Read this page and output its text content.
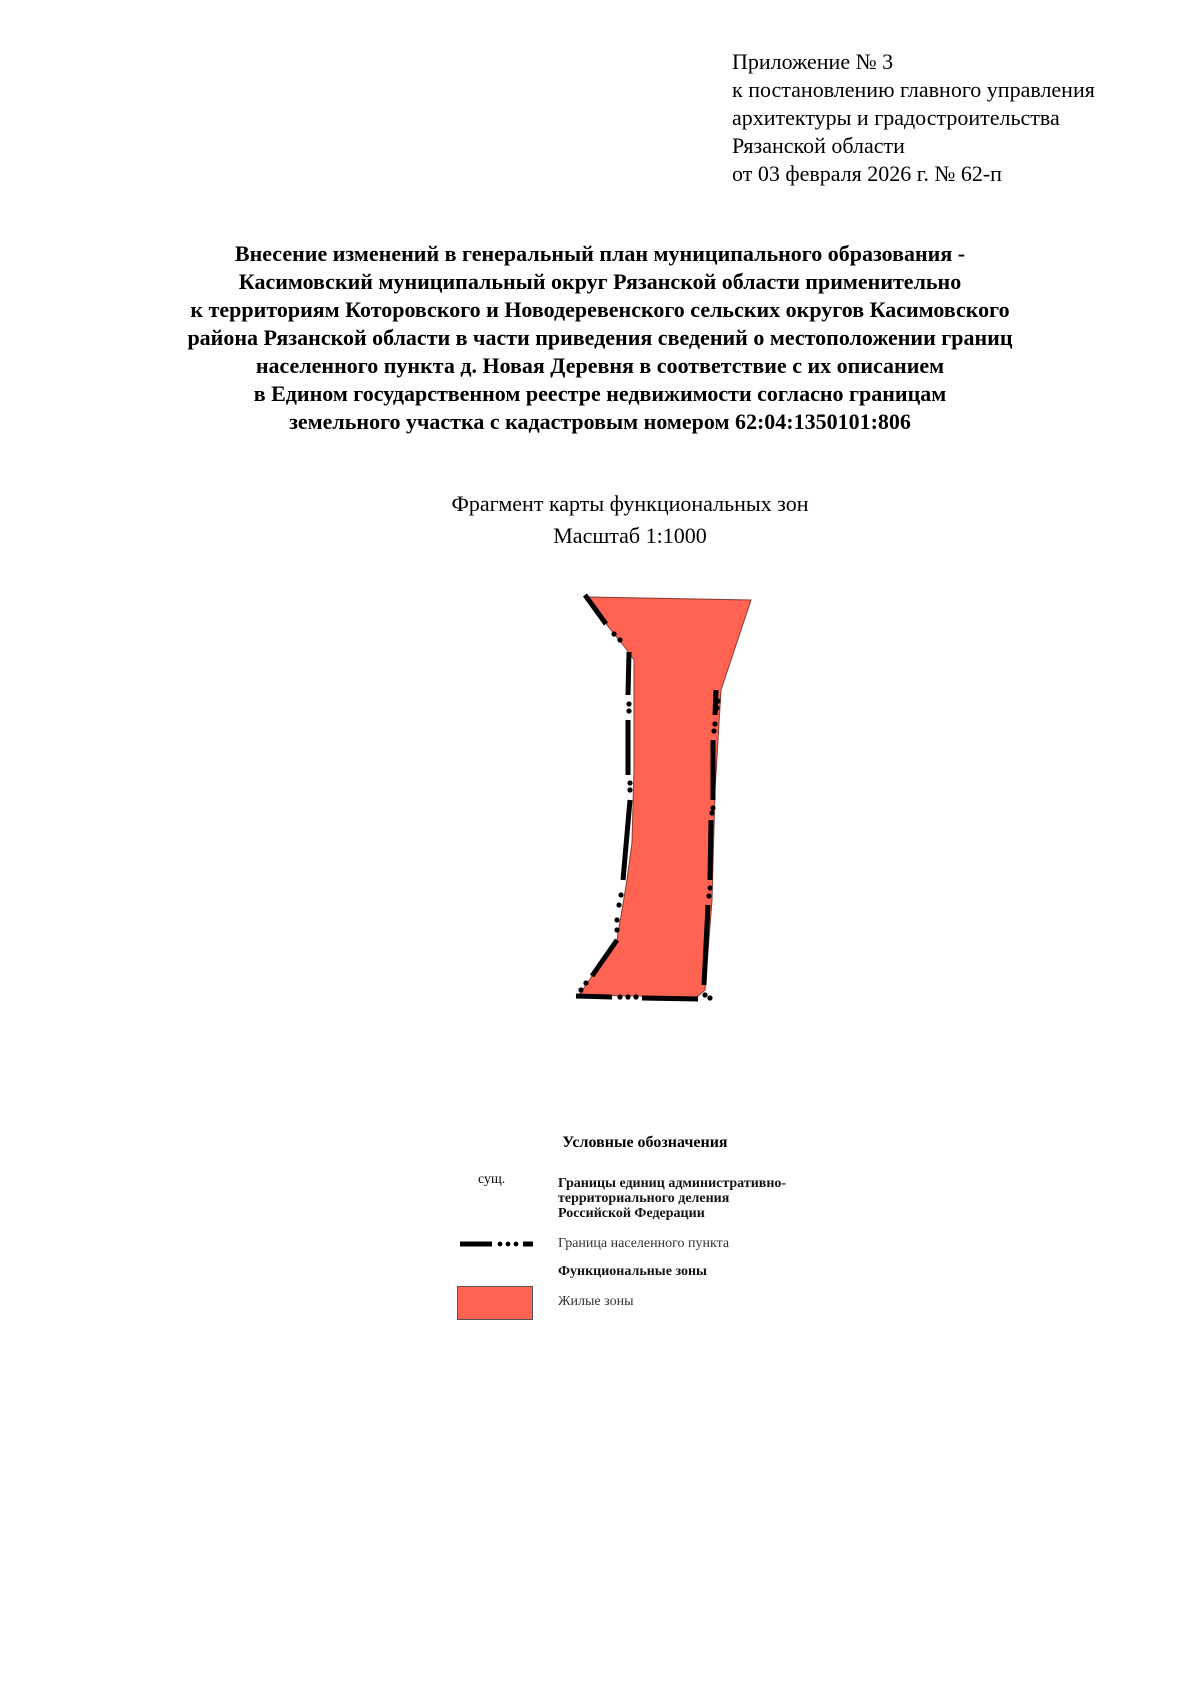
Приложение № 3
к постановлению главного управления
архитектуры и градостроительства
Рязанской области
от 03 февраля 2026 г. № 62-п
Внесение изменений в генеральный план муниципального образования -
Касимовский муниципальный округ Рязанской области применительно
к территориям Которовского и Новодеревенского сельских округов Касимовского
района Рязанской области в части приведения сведений о местоположении границ
населенного пункта д. Новая Деревня в соответствие с их описанием
в Едином государственном реестре недвижимости согласно границам
земельного участка с кадастровым номером 62:04:1350101:806
Фрагмент карты функциональных зон
Масштаб 1:1000
Условные обозначения
сущ.	Границы единиц административно-
территориального деления
Российской Федерации
Граница населенного пункта
Функциональные зоны
Жилые зоны
